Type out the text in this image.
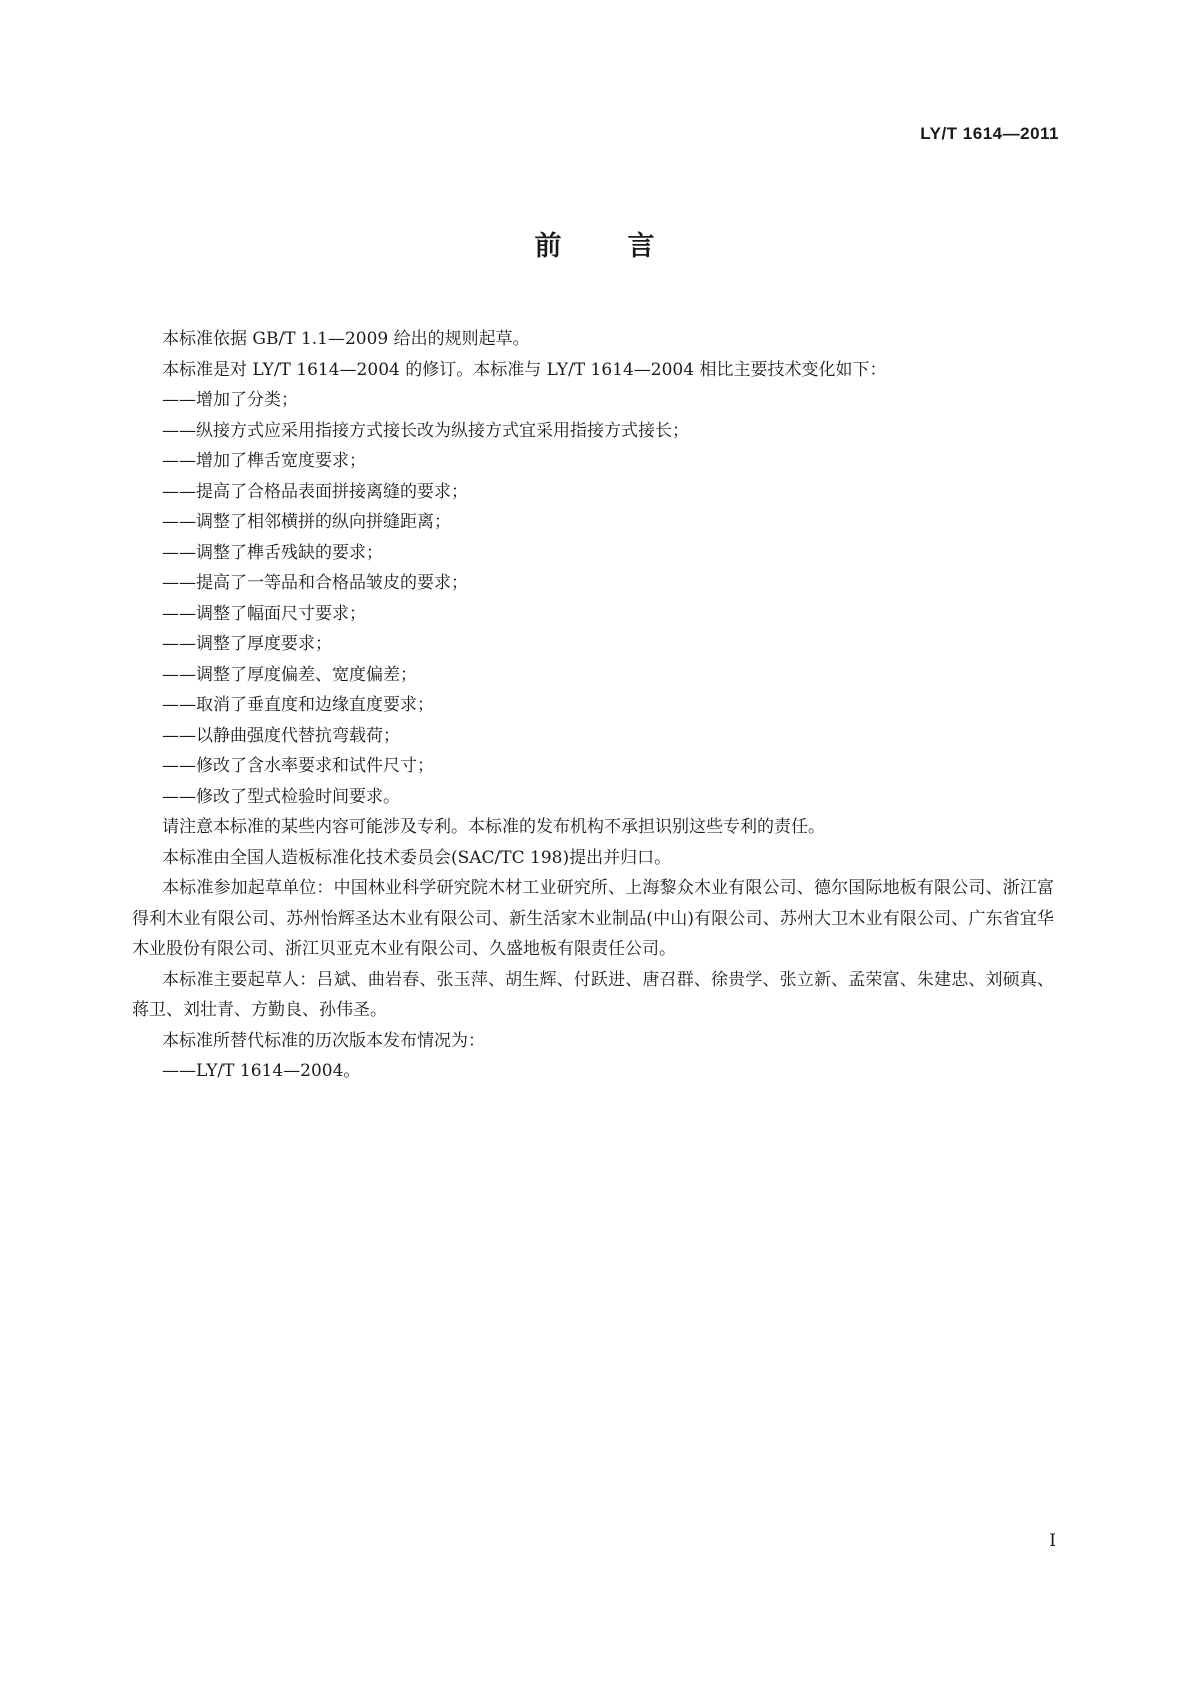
LY/T 1614—2011
前 言

本标准依据 GB/T 1.1—2009 给出的规则起草。

本标准是对 LY/T 1614—2004 的修订。本标准与 LY/T 1614—2004 相比主要技术变化如下：

——增加了分类；

——纵接方式应采用指接方式接长改为纵接方式宜采用指接方式接长；

——增加了榫舌宽度要求；

——提高了合格品表面拼接离缝的要求；

——调整了相邻横拼的纵向拼缝距离；

——调整了榫舌残缺的要求；

——提高了一等品和合格品皱皮的要求；

——调整了幅面尺寸要求；

——调整了厚度要求；

——调整了厚度偏差、宽度偏差；

——取消了垂直度和边缘直度要求；

——以静曲强度代替抗弯载荷；

——修改了含水率要求和试件尺寸；

——修改了型式检验时间要求。

请注意本标准的某些内容可能涉及专利。本标准的发布机构不承担识别这些专利的责任。

本标准由全国人造板标准化技术委员会(SAC/TC 198)提出并归口。

本标准参加起草单位：中国林业科学研究院木材工业研究所、上海黎众木业有限公司、德尔国际地板有限公司、浙江富得利木业有限公司、苏州怡辉圣达木业有限公司、新生活家木业制品(中山)有限公司、苏州大卫木业有限公司、广东省宜华木业股份有限公司、浙江贝亚克木业有限公司、久盛地板有限责任公司。

本标准主要起草人：吕斌、曲岩春、张玉萍、胡生辉、付跃进、唐召群、徐贵学、张立新、孟荣富、朱建忠、刘硕真、蒋卫、刘壮青、方勤良、孙伟圣。

本标准所替代标准的历次版本发布情况为：

——LY/T 1614—2004。

I
